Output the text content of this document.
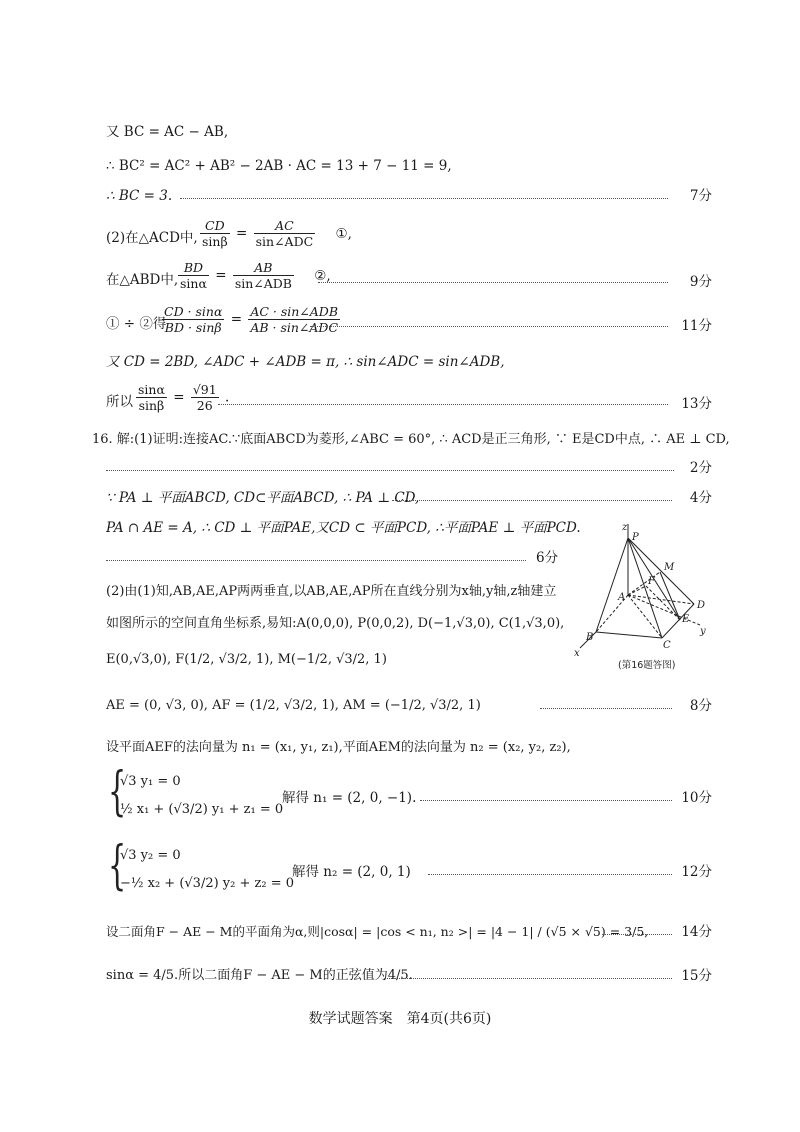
又 BC = AC − AB,
∴ BC² = AC² + AB² − 2AB · AC = 13 + 7 − 11 = 9,
∴ BC = 3.	7分
(2)在△ACD中, $\frac{CD}{\sin\beta} = \frac{AC}{\text{sin∠ADC}}$ ①,
在△ABD中, $\frac{BD}{\sin\alpha} = \frac{AB}{\text{sin∠ADB}}$ ②,	9分
① ÷ ②得
$\frac{CD \cdot \sin\alpha}{BD \cdot \sin\beta} = \frac{\text{AC · sin∠ADB}}{\text{AB · sin∠ADC}}$	11分
又 CD = 2BD, ∠ADC + ∠ADB = π, ∴ sin∠ADC = sin∠ADB,
所以 $\frac{\sin\alpha}{\sin\beta} = \frac{√91}{26}$ .	13分
16. 解:(1)证明:连接AC.∵底面ABCD为菱形,∠ABC = 60°, ∴ ACD是正三角形, ∵ E是CD中点, ∴ AE ⊥ CD,
2分
∵ PA ⊥ 平面ABCD, CD⊂平面ABCD, ∴ PA ⊥ CD,	4分
PA ∩ AE = A, ∴ CD ⊥ 平面PAE,又CD ⊂ 平面PCD, ∴平面PAE ⊥ 平面PCD.
6分
(2)由(1)知,AB,AE,AP两两垂直,以AB,AE,AP所在直线分别为x轴,y轴,z轴建立
如图所示的空间直角坐标系,易知:A(0,0,0), P(0,0,2), D(−1,√3,0), C(1,√3,0),
E(0,√3,0), F(1/2, √3/2, 1), M(−1/2, √3/2, 1)
AE = (0, √3, 0), AF = (1/2, √3/2, 1), AM = (−1/2, √3/2, 1)	8分
设平面AEF的法向量为 n₁ = (x₁, y₁, z₁),平面AEM的法向量为 n₂ = (x₂, y₂, z₂),
{
√3 y₁ = 0
½ x₁ + (√3/2) y₁ + z₁ = 0
解得 n₁ = (2, 0, −1).	10分
{
√3 y₂ = 0
−½ x₂ + (√3/2) y₂ + z₂ = 0
解得 n₂ = (2, 0, 1)	12分
设二面角F − AE − M的平面角为α,则|cosα| = |cos < n₁, n₂ >| = |4 − 1| / (√5 × √5) = 3/5, 14分
sinα = 4/5.所以二面角F − AE − M的正弦值为4/5.	15分
z
P
M
F
A
D
E
y
B
C
x
(第16题答图)
数学试题答案　第4页(共6页)
